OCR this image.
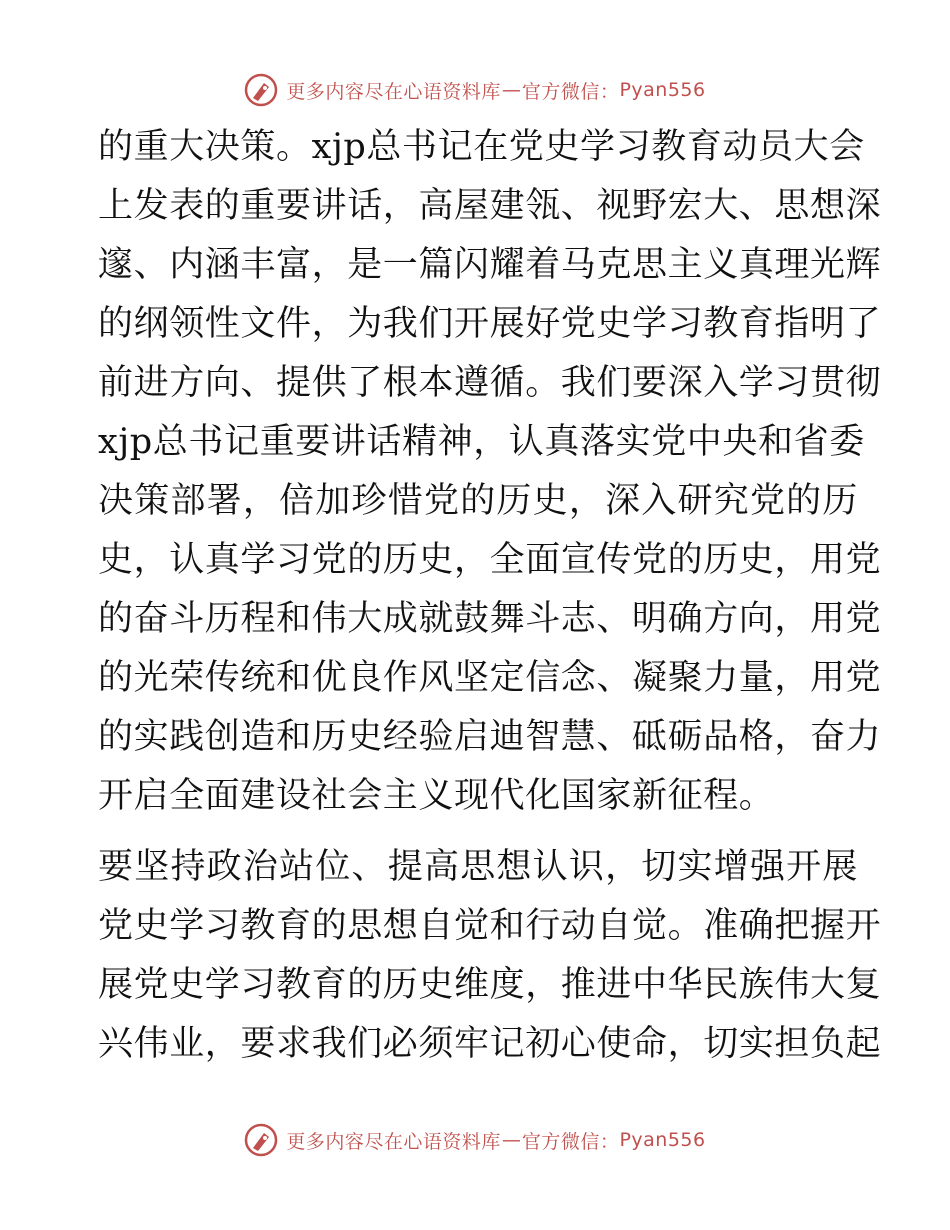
更多内容尽在心语资料库 — 官方微信： Pyan556
的重大决策。xjp总书记在党史学习教育动员大会
上发表的重要讲话，高屋建瓴、视野宏大、思想深
邃、内涵丰富，是一篇闪耀着马克思主义真理光辉
的纲领性文件，为我们开展好党史学习教育指明了
前进方向、提供了根本遵循。我们要深入学习贯彻
xjp总书记重要讲话精神，认真落实党中央和省委
决策部署，倍加珍惜党的历史，深入研究党的历
史，认真学习党的历史，全面宣传党的历史，用党
的奋斗历程和伟大成就鼓舞斗志、明确方向，用党
的光荣传统和优良作风坚定信念、凝聚力量，用党
的实践创造和历史经验启迪智慧、砥砺品格，奋力
开启全面建设社会主义现代化国家新征程。
要坚持政治站位、提高思想认识，切实增强开展
党史学习教育的思想自觉和行动自觉。准确把握开
展党史学习教育的历史维度，推进中华民族伟大复
兴伟业，要求我们必须牢记初心使命，切实担负起
更多内容尽在心语资料库 — 官方微信： Pyan556
